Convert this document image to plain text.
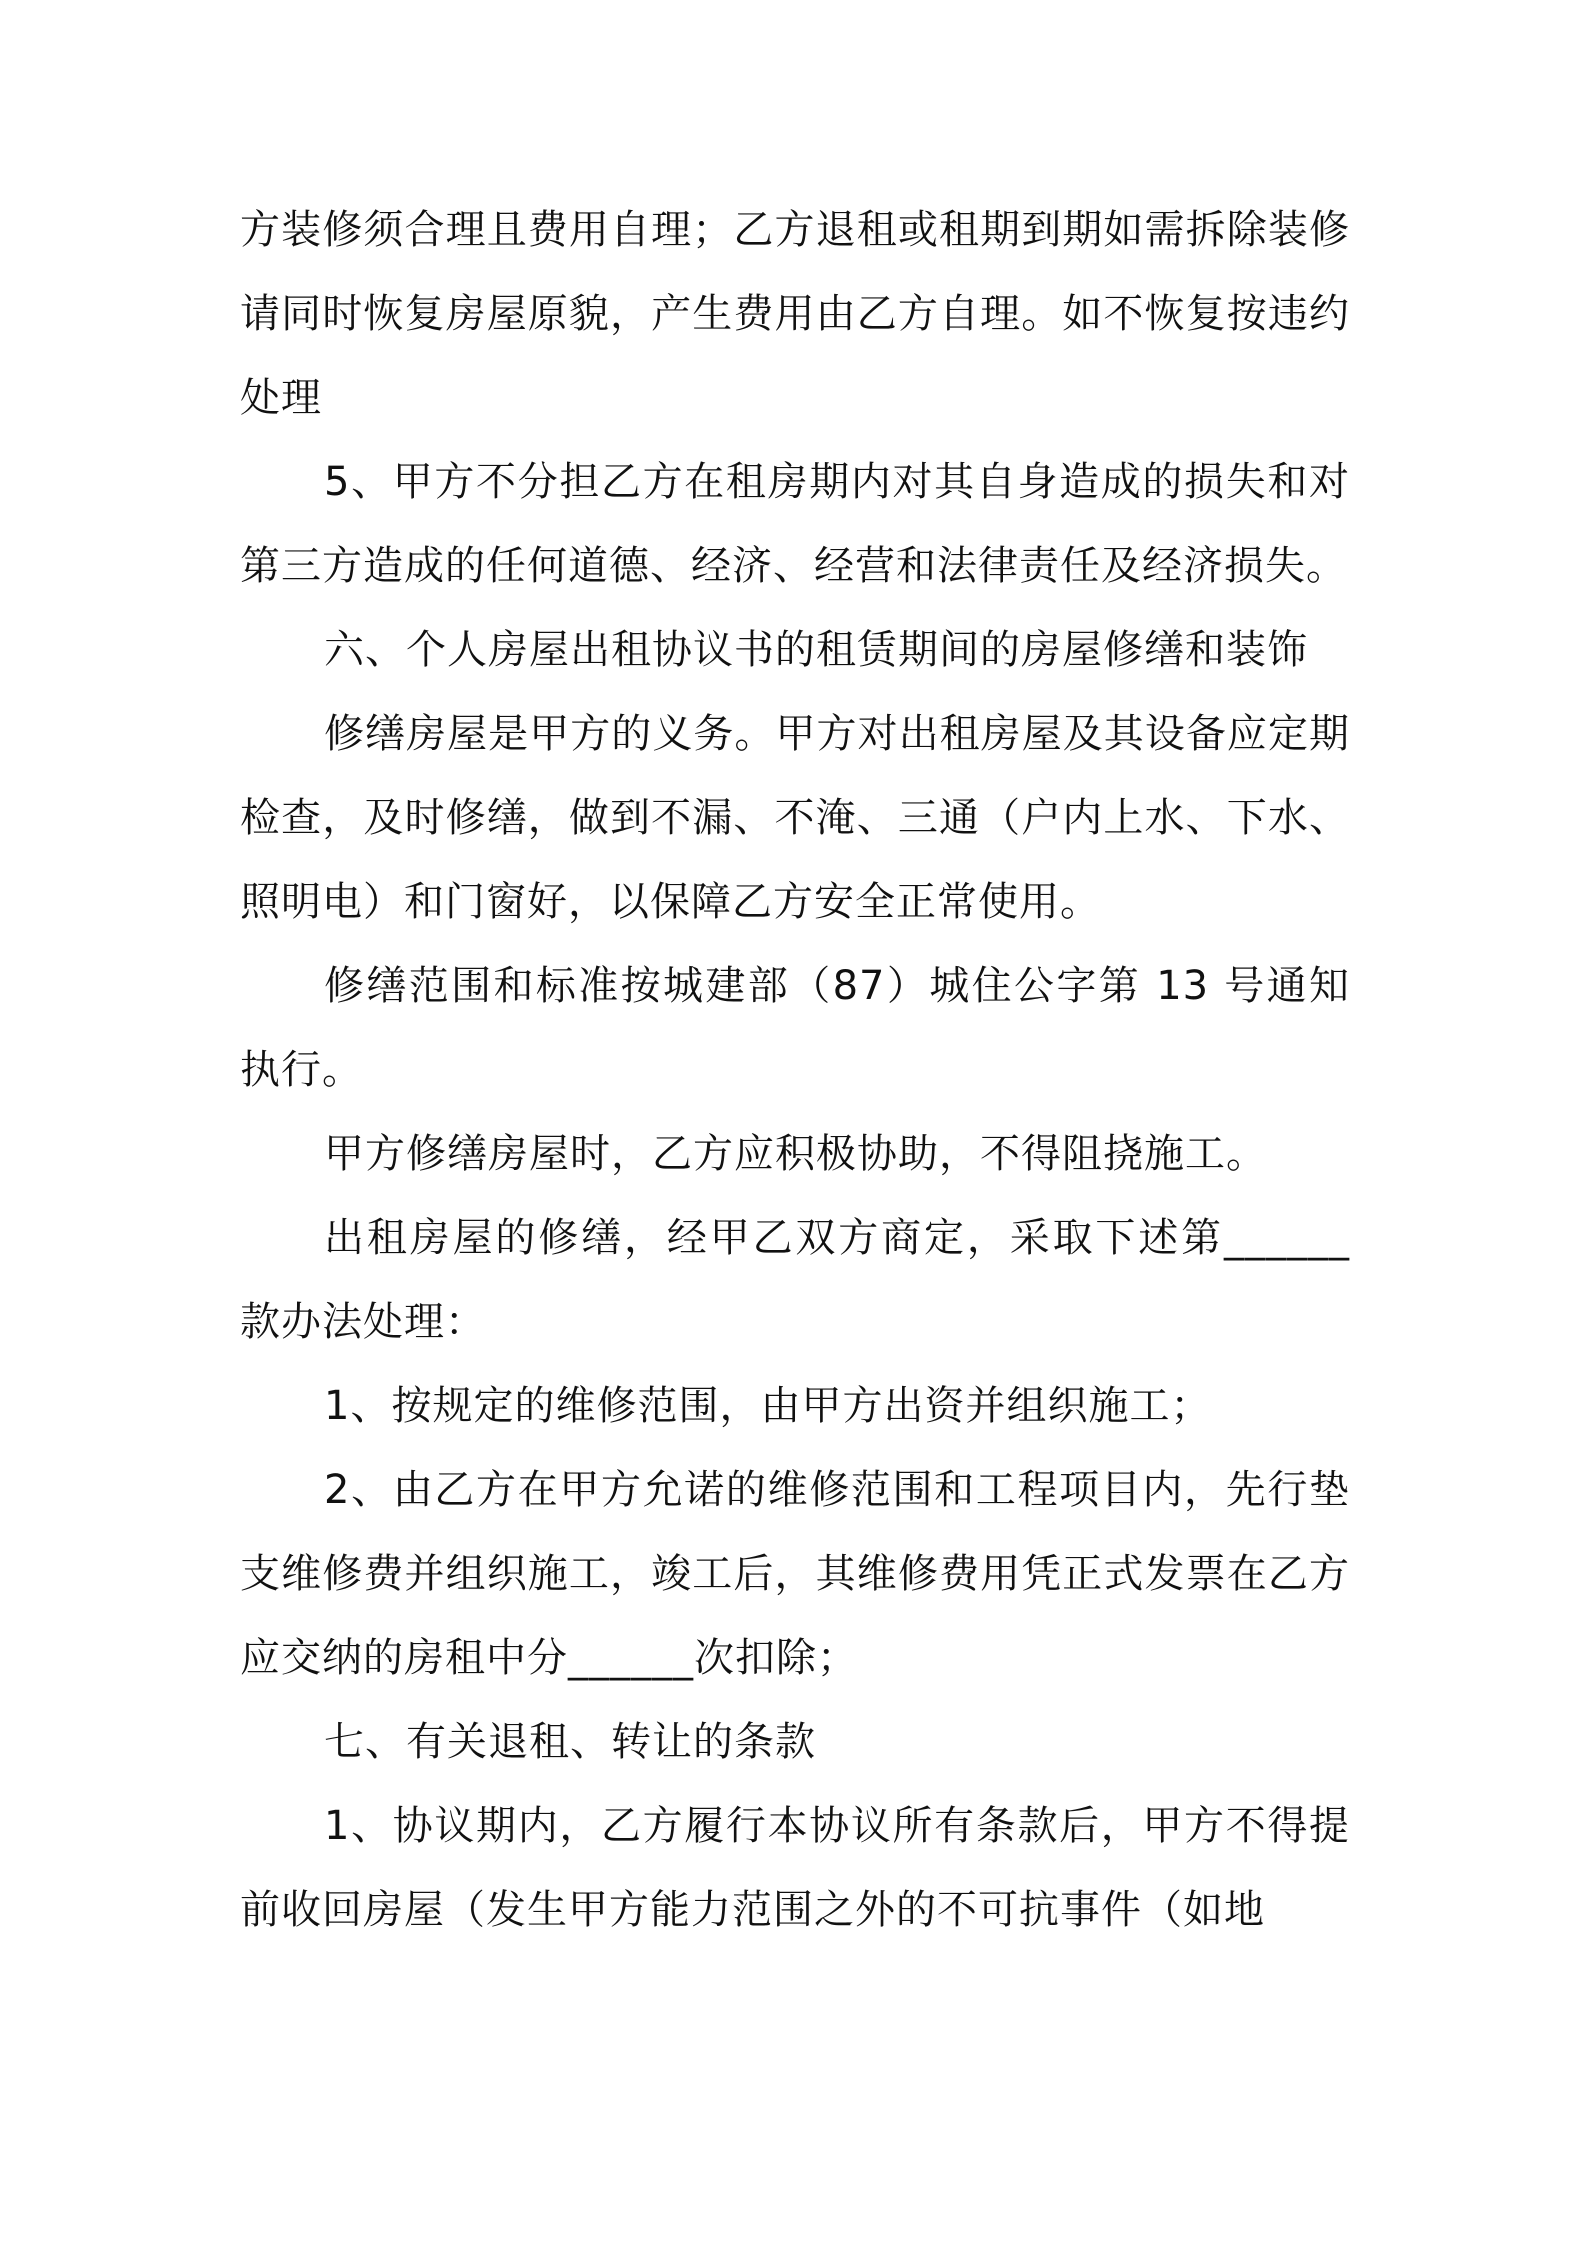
方装修须合理且费用自理；乙方退租或租期到期如需拆除装修请同时恢复房屋原貌，产生费用由乙方自理。如不恢复按违约处理

5、甲方不分担乙方在租房期内对其自身造成的损失和对第三方造成的任何道德、经济、经营和法律责任及经济损失。

六、个人房屋出租协议书的租赁期间的房屋修缮和装饰

修缮房屋是甲方的义务。甲方对出租房屋及其设备应定期检查，及时修缮，做到不漏、不淹、三通（户内上水、下水、照明电）和门窗好，以保障乙方安全正常使用。

修缮范围和标准按城建部（87）城住公字第 13 号通知执行。

甲方修缮房屋时，乙方应积极协助，不得阻挠施工。

出租房屋的修缮，经甲乙双方商定，采取下述第______款办法处理：

1、按规定的维修范围，由甲方出资并组织施工；

2、由乙方在甲方允诺的维修范围和工程项目内，先行垫支维修费并组织施工，竣工后，其维修费用凭正式发票在乙方应交纳的房租中分______次扣除；

七、有关退租、转让的条款

1、协议期内，乙方履行本协议所有条款后，甲方不得提前收回房屋（发生甲方能力范围之外的不可抗事件（如地
